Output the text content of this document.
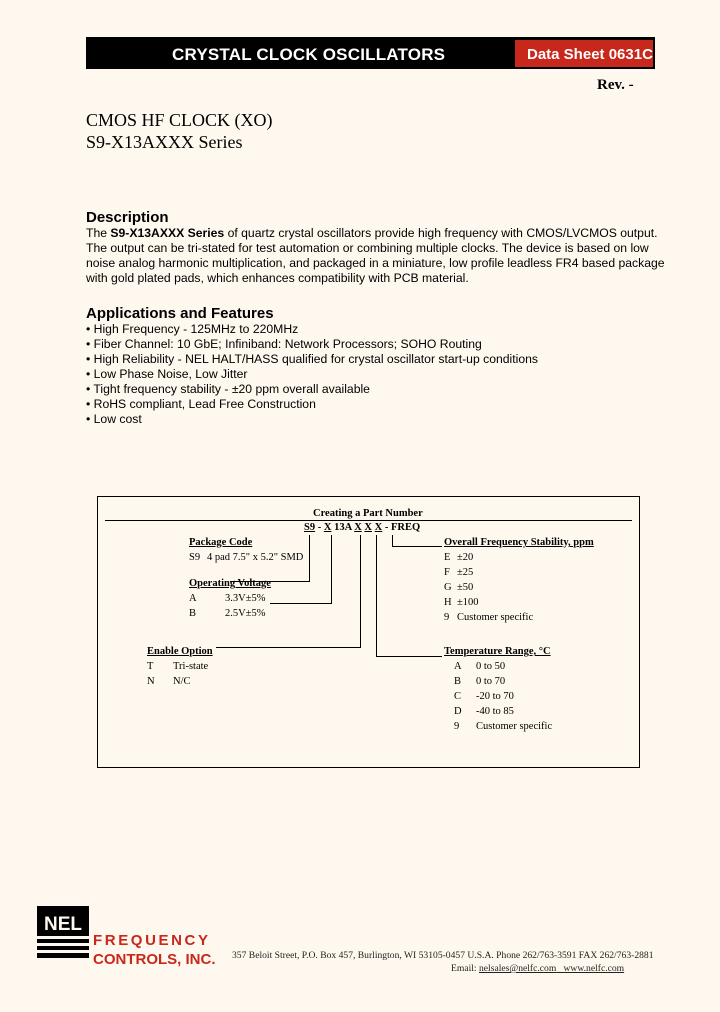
CRYSTAL CLOCK OSCILLATORS	Data Sheet 0631C
Rev. -
CMOS HF CLOCK (XO)
S9-X13AXXX Series
Description
The S9-X13AXXX Series of quartz crystal oscillators provide high frequency with CMOS/LVCMOS output.
The output can be tri-stated for test automation or combining multiple clocks. The device is based on low
noise analog harmonic multiplication, and packaged in a miniature, low profile leadless FR4 based package
with gold plated pads, which enhances compatibility with PCB material.
Applications and Features
• High Frequency - 125MHz to 220MHz
• Fiber Channel: 10 GbE; Infiniband: Network Processors; SOHO Routing
• High Reliability - NEL HALT/HASS qualified for crystal oscillator start-up conditions
• Low Phase Noise, Low Jitter
• Tight frequency stability - ±20 ppm overall available
• RoHS compliant, Lead Free Construction
• Low cost
Creating a Part Number
S9 - X 13A X X X - FREQ
Package Code
S9 4 pad 7.5" x 5.2" SMD
Operating Voltage
A	3.3V±5%
B	2.5V±5%
Enable Option
T Tri-state
N N/C
Overall Frequency Stability, ppm
E ±20
F ±25
G ±50
H ±100
9 Customer specific
Temperature Range, °C
A 0 to 50
B 0 to 70
C -20 to 70
D -40 to 85
9 Customer specific
NEL
FREQUENCY
CONTROLS, INC. 357 Beloit Street, P.O. Box 457, Burlington, WI 53105-0457 U.S.A. Phone 262/763-3591 FAX 262/763-2881
Email: nelsales@nelfc.com   www.nelfc.com
